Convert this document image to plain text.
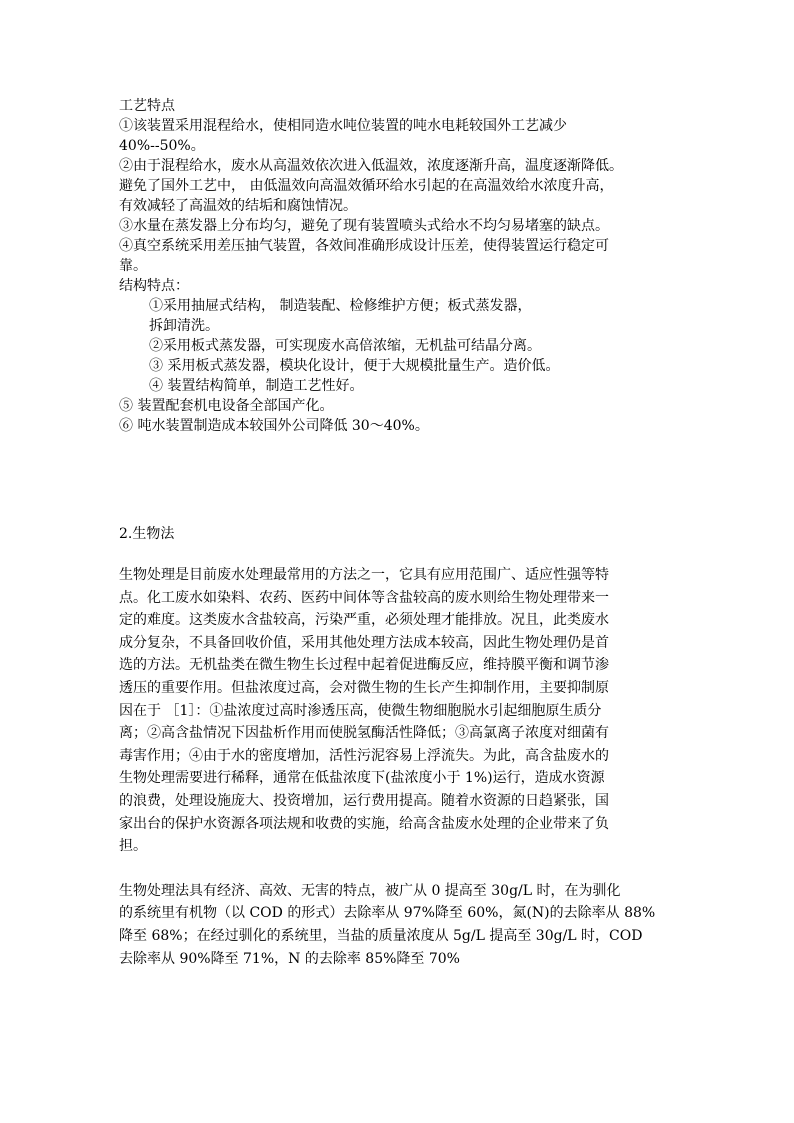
工艺特点

①该装置采用混程给水，使相同造水吨位装置的吨水电耗较国外工艺减少

40%--50%。

②由于混程给水，废水从高温效依次进入低温效，浓度逐渐升高，温度逐渐降低。

避免了国外工艺中， 由低温效向高温效循环给水引起的在高温效给水浓度升高，

有效减轻了高温效的结垢和腐蚀情况。

③水量在蒸发器上分布均匀，避免了现有装置喷头式给水不均匀易堵塞的缺点。

④真空系统采用差压抽气装置，各效间准确形成设计压差，使得装置运行稳定可

靠。

结构特点：

①采用抽屉式结构， 制造装配、检修维护方便；板式蒸发器，

拆卸清洗。

②采用板式蒸发器，可实现废水高倍浓缩，无机盐可结晶分离。

③ 采用板式蒸发器，模块化设计，便于大规模批量生产。造价低。

④ 装置结构简单，制造工艺性好。

⑤ 装置配套机电设备全部国产化。

⑥ 吨水装置制造成本较国外公司降低 30～40%。

2.生物法

生物处理是目前废水处理最常用的方法之一，它具有应用范围广、适应性强等特

点。化工废水如染料、农药、医药中间体等含盐较高的废水则给生物处理带来一

定的难度。这类废水含盐较高，污染严重，必须处理才能排放。况且，此类废水

成分复杂，不具备回收价值，采用其他处理方法成本较高，因此生物处理仍是首

选的方法。无机盐类在微生物生长过程中起着促进酶反应，维持膜平衡和调节渗

透压的重要作用。但盐浓度过高，会对微生物的生长产生抑制作用，主要抑制原

因在于 ［1］：①盐浓度过高时渗透压高，使微生物细胞脱水引起细胞原生质分

离；②高含盐情况下因盐析作用而使脱氢酶活性降低；③高氯离子浓度对细菌有

毒害作用；④由于水的密度增加，活性污泥容易上浮流失。为此，高含盐废水的

生物处理需要进行稀释，通常在低盐浓度下(盐浓度小于 1%)运行，造成水资源

的浪费，处理设施庞大、投资增加，运行费用提高。随着水资源的日趋紧张，国

家出台的保护水资源各项法规和收费的实施，给高含盐废水处理的企业带来了负

担。

生物处理法具有经济、高效、无害的特点，被广从 0 提高至 30g/L 时，在为驯化

的系统里有机物（以 COD 的形式）去除率从 97%降至 60%，氮(N)的去除率从 88%

降至 68%；在经过驯化的系统里，当盐的质量浓度从 5g/L 提高至 30g/L 时，COD

去除率从 90%降至 71%，N 的去除率 85%降至 70%
